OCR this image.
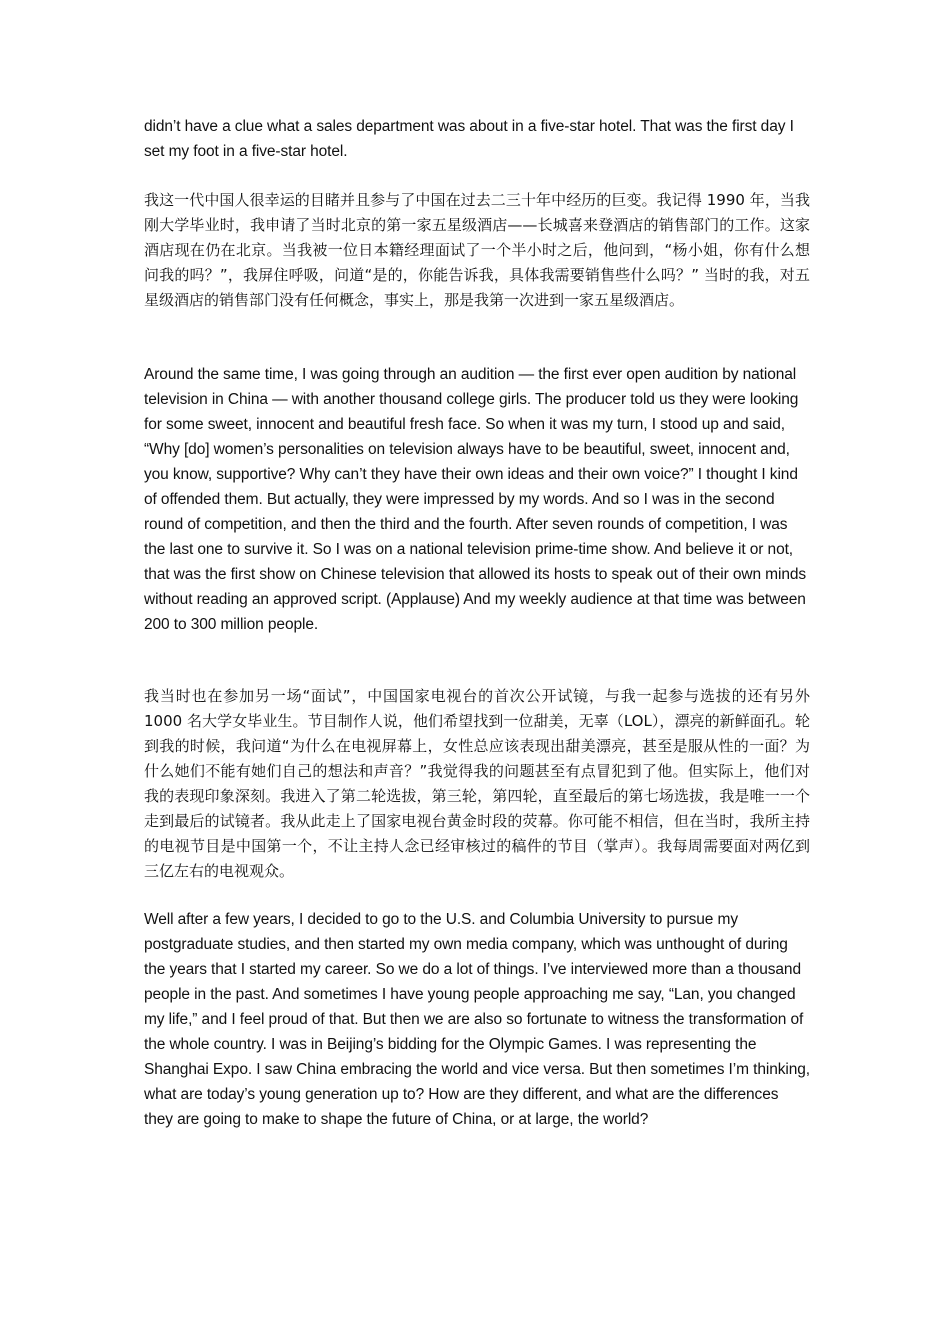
didn’t have a clue what a sales department was about in a five-star hotel. That was the first day I set my foot in a five-star hotel.

我这一代中国人很幸运的目睹并且参与了中国在过去二三十年中经历的巨变。我记得 1990 年，当我刚大学毕业时，我申请了当时北京的第一家五星级酒店——长城喜来登酒店的销售部门的工作。这家酒店现在仍在北京。当我被一位日本籍经理面试了一个半小时之后，他问到，“杨小姐，你有什么想问我的吗？”，我屏住呼吸，问道“是的，你能告诉我，具体我需要销售些什么吗？” 当时的我，对五星级酒店的销售部门没有任何概念，事实上，那是我第一次进到一家五星级酒店。

Around the same time, I was going through an audition — the first ever open audition by national television in China — with another thousand college girls. The producer told us they were looking for some sweet, innocent and beautiful fresh face. So when it was my turn, I stood up and said, “Why [do] women’s personalities on television always have to be beautiful, sweet, innocent and, you know, supportive? Why can’t they have their own ideas and their own voice?” I thought I kind of offended them. But actually, they were impressed by my words. And so I was in the second round of competition, and then the third and the fourth. After seven rounds of competition, I was the last one to survive it. So I was on a national television prime-time show. And believe it or not, that was the first show on Chinese television that allowed its hosts to speak out of their own minds without reading an approved script. (Applause) And my weekly audience at that time was between 200 to 300 million people.

我当时也在参加另一场“面试”，中国国家电视台的首次公开试镜，与我一起参与选拔的还有另外 1000 名大学女毕业生。节目制作人说，他们希望找到一位甜美，无辜（LOL），漂亮的新鲜面孔。轮到我的时候，我问道“为什么在电视屏幕上，女性总应该表现出甜美漂亮，甚至是服从性的一面？为什么她们不能有她们自己的想法和声音？”我觉得我的问题甚至有点冒犯到了他。但实际上，他们对我的表现印象深刻。我进入了第二轮选拔，第三轮，第四轮，直至最后的第七场选拔，我是唯一一个走到最后的试镜者。我从此走上了国家电视台黄金时段的荧幕。你可能不相信，但在当时，我所主持的电视节目是中国第一个，不让主持人念已经审核过的稿件的节目（掌声）。我每周需要面对两亿到三亿左右的电视观众。

Well after a few years, I decided to go to the U.S. and Columbia University to pursue my postgraduate studies, and then started my own media company, which was unthought of during the years that I started my career. So we do a lot of things. I’ve interviewed more than a thousand people in the past. And sometimes I have young people approaching me say, “Lan, you changed my life,” and I feel proud of that. But then we are also so fortunate to witness the transformation of the whole country. I was in Beijing’s bidding for the Olympic Games. I was representing the Shanghai Expo. I saw China embracing the world and vice versa. But then sometimes I’m thinking, what are today’s young generation up to? How are they different, and what are the differences they are going to make to shape the future of China, or at large, the world?
